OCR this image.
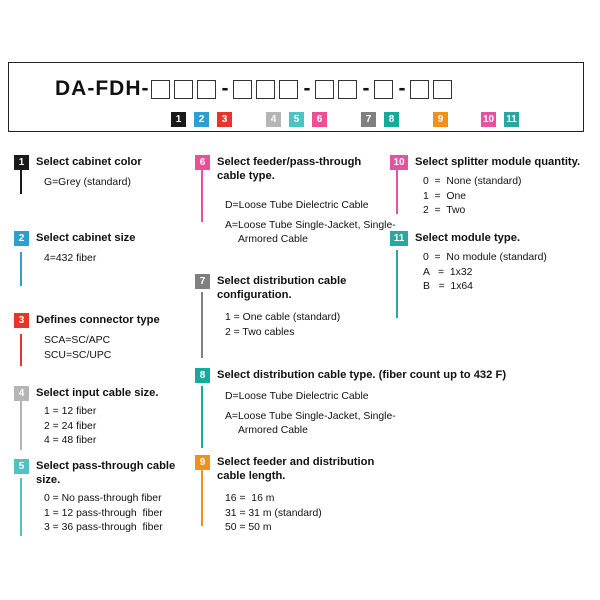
DA-FDH-	-	- - -
1	2	3	4	5	6	7	8	9	10 11
1	Select cabinet color
G=Grey (standard)
2	Select cabinet size
4=432 fiber
3	Defines connector type
SCA=SC/APC
SCU=SC/UPC
4	Select input cable size.
1 = 12 fiber
2 = 24 fiber
4 = 48 fiber
5	Select pass-through cable size.
0 = No pass-through fiber
1 = 12 pass-through  fiber
3 = 36 pass-through  fiber
6	Select feeder/pass-through cable type.
D=Loose Tube Dielectric Cable
A=Loose Tube Single-Jacket, Single-
Armored Cable
7	Select distribution cable configuration.
1 = One cable (standard)
2 = Two cables
8	Select distribution cable type. (fiber count up to 432 F)
D=Loose Tube Dielectric Cable
A=Loose Tube Single-Jacket, Single-
Armored Cable
9	Select feeder and distribution cable length.
16 =  16 m
31 = 31 m (standard)
50 = 50 m
10 Select splitter module quantity.
0  =  None (standard)
1  =  One
2  =  Two
11 Select module type.
0  =  No module (standard)
A   =  1x32
B   =  1x64
